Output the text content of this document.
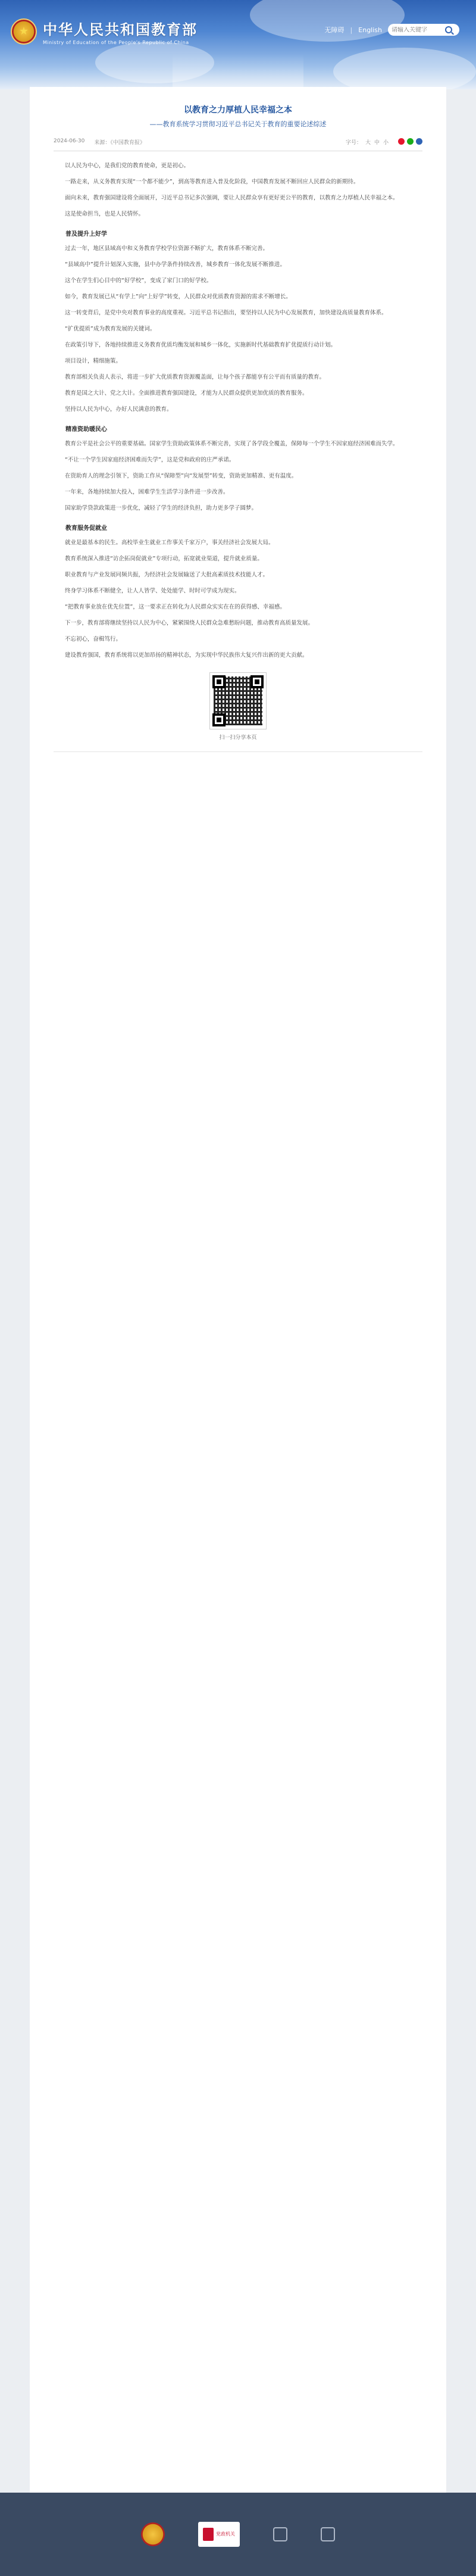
★ 中华人民共和国教育部
Ministry of Education of the People's Republic of China
无障碍 | English
请输入关键字
以教育之力厚植人民幸福之本
——教育系统学习贯彻习近平总书记关于教育的重要论述综述
2024-06-30 来源：《中国教育报》	字号： 大 中 小

以人民为中心，是我们党的教育使命，更是初心。

一路走来，从义务教育实现“一个都不能少”，到高等教育进入普及化阶段，中国教育发展不断回应人民群众的新期待。

面向未来，教育强国建设将全面展开，习近平总书记多次强调，要让人民群众享有更好更公平的教育，以教育之力厚植人民幸福之本。

这是使命担当，也是人民情怀。

普及提升上好学

过去一年，地区县域高中和义务教育学校学位资源不断扩大，教育体系不断完善。

“县域高中”提升计划深入实施，县中办学条件持续改善，城乡教育一体化发展不断推进。

这个在学生们心目中的“好学校”，变成了家门口的好学校。

如今，教育发展已从“有学上”向“上好学”转变，人民群众对优质教育资源的需求不断增长。

这一转变背后，是党中央对教育事业的高度重视。习近平总书记指出，要坚持以人民为中心发展教育，加快建设高质量教育体系。

“扩优提质”成为教育发展的关键词。

在政策引导下，各地持续推进义务教育优质均衡发展和城乡一体化，实施新时代基础教育扩优提质行动计划。

项目设计，精细施策。

教育部相关负责人表示，将进一步扩大优质教育资源覆盖面，让每个孩子都能享有公平而有质量的教育。

教育是国之大计、党之大计。全面推进教育强国建设，才能为人民群众提供更加优质的教育服务。

坚持以人民为中心，办好人民满意的教育。

精准资助暖民心

教育公平是社会公平的重要基础。国家学生资助政策体系不断完善，实现了各学段全覆盖，保障每一个学生不因家庭经济困难而失学。

“不让一个学生因家庭经济困难而失学”，这是党和政府的庄严承诺。

在资助育人的理念引领下，资助工作从“保障型”向“发展型”转变，资助更加精准、更有温度。

一年来，各地持续加大投入，困难学生生活学习条件进一步改善。

国家助学贷款政策进一步优化，减轻了学生的经济负担，助力更多学子圆梦。

教育服务促就业

就业是最基本的民生。高校毕业生就业工作事关千家万户，事关经济社会发展大局。

教育系统深入推进“访企拓岗促就业”专项行动，拓宽就业渠道，提升就业质量。

职业教育与产业发展同频共振，为经济社会发展输送了大批高素质技术技能人才。

终身学习体系不断健全，让人人皆学、处处能学、时时可学成为现实。

“把教育事业放在优先位置”，这一要求正在转化为人民群众实实在在的获得感、幸福感。

下一步，教育部将继续坚持以人民为中心，紧紧围绕人民群众急难愁盼问题，推动教育高质量发展。

不忘初心，奋楫笃行。

建设教育强国，教育系统将以更加昂扬的精神状态，为实现中华民族伟大复兴作出新的更大贡献。

扫一扫分享本页
党政机关
